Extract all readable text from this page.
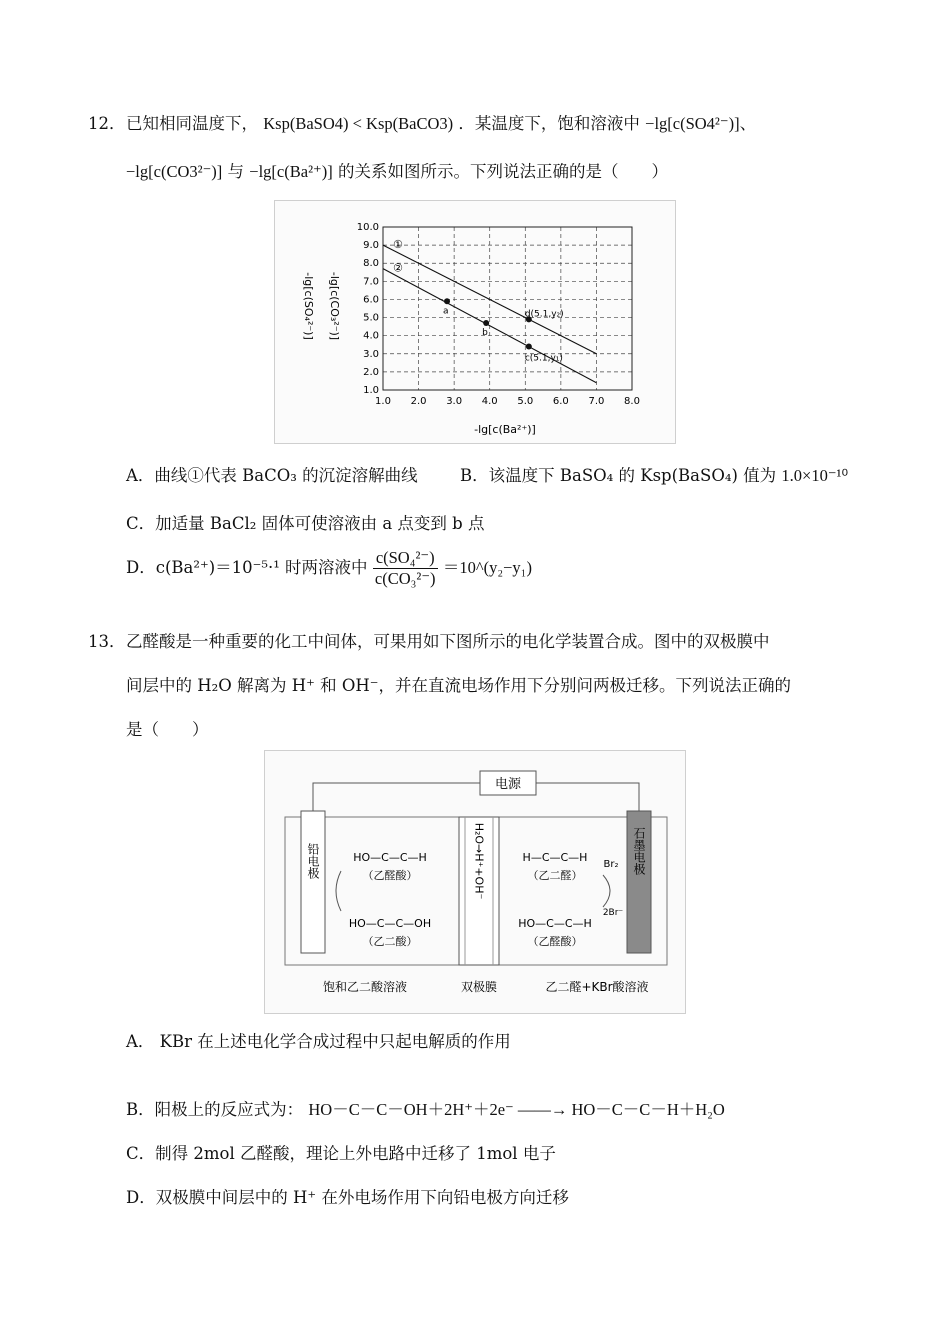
12． 已知相同温度下， Ksp(BaSO4) < Ksp(BaCO3) ．某温度下，饱和溶液中 −lg[c(SO4²⁻)]、
−lg[c(CO3²⁻)] 与 −lg[c(Ba²⁺)] 的关系如图所示。下列说法正确的是（　　）
1.0 2.0 3.0 4.0 5.0 6.0 7.0 8.0
1.0
2.0
3.0
4.0
5.0
6.0
7.0
8.0
9.0
10.0
①
②
a
b
d(5.1,y₂)
c(5.1,y₁)
-lg[c(Ba²⁺)]
-lg[c(SO₄²⁻)] -lg[c(CO₃²⁻)]
A．曲线①代表 BaCO₃ 的沉淀溶解曲线	B．该温度下 BaSO₄ 的 Ksp(BaSO₄) 值为 1.0×10⁻¹⁰
C．加适量 BaCl₂ 固体可使溶液由 a 点变到 b 点
D．c(Ba²⁺)＝10⁻⁵·¹ 时两溶液中 $\frac{\text{c(SO₄²⁻)}}{\text{c(CO₃²⁻)}}$ ＝10^(y₂−y₁)
13． 乙醛酸是一种重要的化工中间体，可果用如下图所示的电化学装置合成。图中的双极膜中
间层中的 H₂O 解离为 H⁺ 和 OH⁻，并在直流电场作用下分别问两极迁移。下列说法正确的
是（　　）
电源
铅电极	石墨电极
H₂O→H⁺+OH⁻
HO—C—C—H
（乙醛酸）
HO—C—C—OH
（乙二酸）
H—C—C—H
（乙二醛）
HO—C—C—H
（乙醛酸）
Br₂
2Br⁻
饱和乙二酸溶液	双极膜	乙二醛+KBr酸溶液
A． KBr 在上述电化学合成过程中只起电解质的作用
B．阳极上的反应式为： HO－C－C－OH＋2H⁺＋2e⁻ ——→ HO－C－C－H＋H₂O
C．制得 2mol 乙醛酸，理论上外电路中迁移了 1mol 电子
D．双极膜中间层中的 H⁺ 在外电场作用下向铅电极方向迁移
